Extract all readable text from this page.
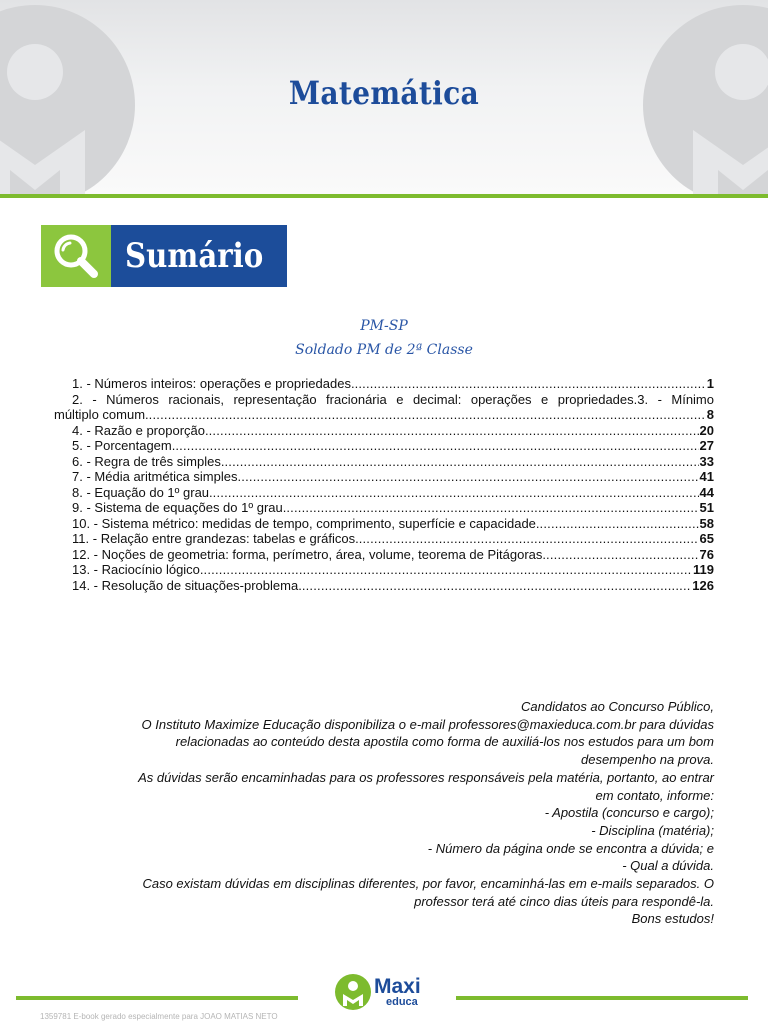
Matemática
Sumário
PM-SP
Soldado PM de 2ª Classe
1. -
Números inteiros: operações e propriedades. .....	1
2. - Números racionais, representação fracionária e decimal: operações e propriedades.3. - Mínimo
múltiplo comum. .....	8
4. -
Razão e proporção. .....	20
5. -
Porcentagem. .....	27
6. -
Regra de três simples. .....	33
7. -
Média aritmética simples .....	41
8. -
Equação do 1º grau. .....	44
9. -
Sistema de equações do 1º grau. .....	51
10. -
Sistema métrico: medidas de tempo, comprimento, superfície e capacidade. .....	58
11. -
Relação entre grandezas: tabelas e gráficos. .....	65
12. -
Noções de geometria: forma, perímetro, área, volume, teorema de Pitágoras. .....	76
13. -
Raciocínio lógico. .....	119
14. -
Resolução de situações-problema. .....	126
Candidatos ao Concurso Público,
O Instituto Maximize Educação disponibiliza o e-mail professores@maxieduca.com.br para dúvidas
relacionadas ao conteúdo desta apostila como forma de auxiliá-los nos estudos para um bom
desempenho na prova.
As dúvidas serão encaminhadas para os professores responsáveis pela matéria, portanto, ao entrar
em contato, informe:
- Apostila (concurso e cargo);
- Disciplina (matéria);
- Número da página onde se encontra a dúvida; e
- Qual a dúvida.
Caso existam dúvidas em disciplinas diferentes, por favor, encaminhá-las em e-mails separados. O
professor terá até cinco dias úteis para respondê-la.
Bons estudos!
Maxi
educa
1359781 E-book gerado especialmente para JOAO MATIAS NETO
